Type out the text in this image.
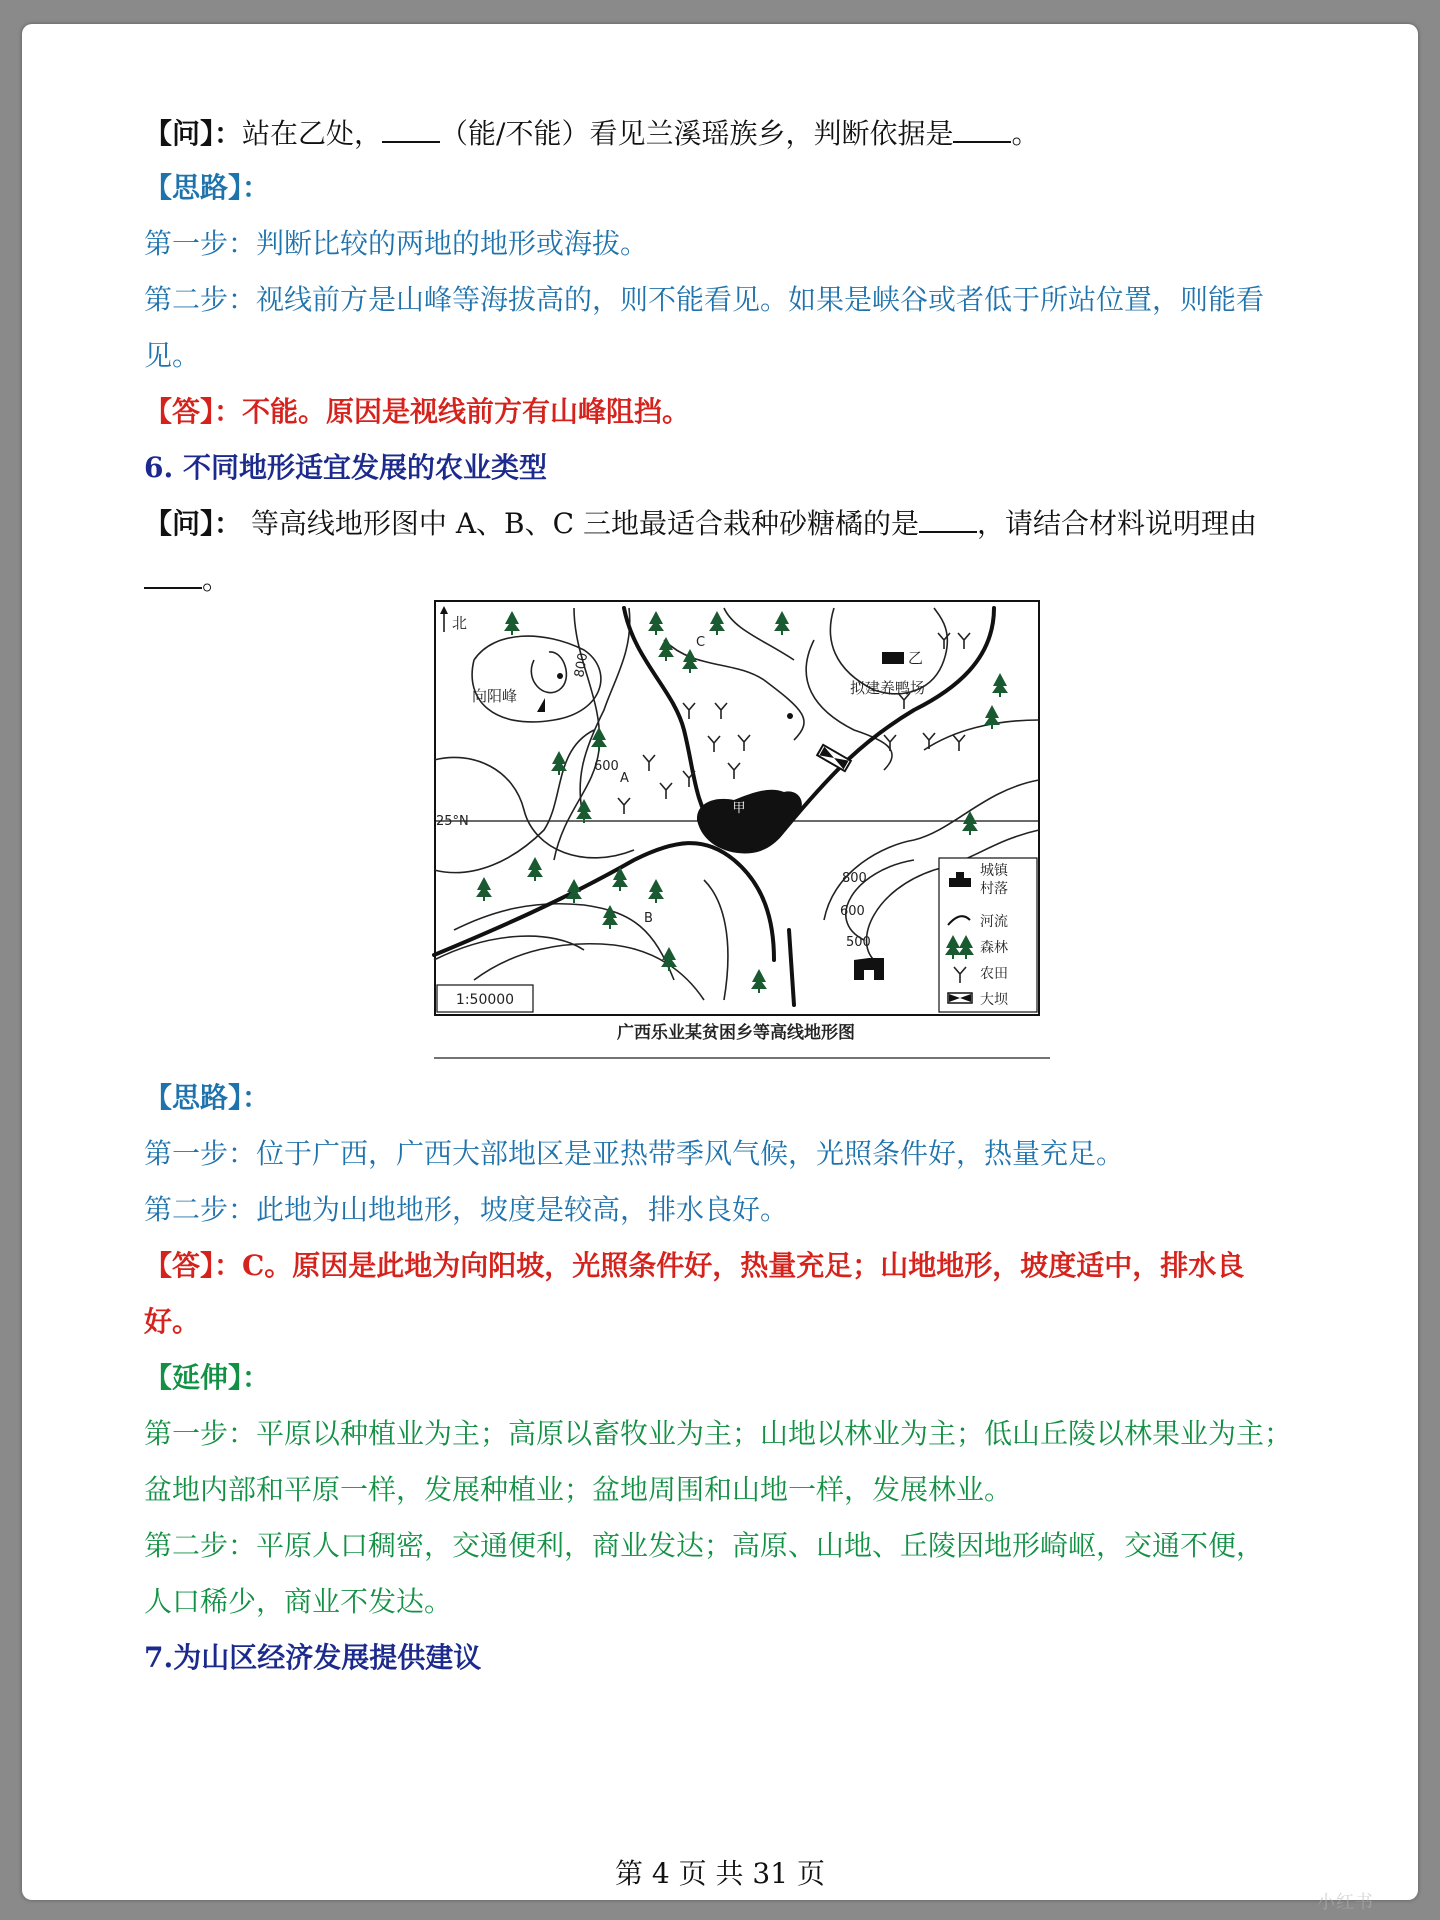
【问】：站在乙处， （能/不能）看见兰溪瑶族乡，判断依据是 。
【思路】：
第一步：判断比较的两地的地形或海拔。
第二步：视线前方是山峰等海拔高的，则不能看见。如果是峡谷或者低于所站位置，则能看
见。
【答】：不能。原因是视线前方有山峰阻挡。
6. 不同地形适宜发展的农业类型
【问】： 等高线地形图中 A、B、C 三地最适合栽种砂糖橘的是 ，请结合材料说明理由
。
【思路】：
第一步：位于广西，广西大部地区是亚热带季风气候，光照条件好，热量充足。
第二步：此地为山地地形，坡度是较高，排水良好。
【答】：C。原因是此地为向阳坡，光照条件好，热量充足；山地地形，坡度适中，排水良
好。
【延伸】：
第一步：平原以种植业为主；高原以畜牧业为主；山地以林业为主；低山丘陵以林果业为主；
盆地内部和平原一样，发展种植业；盆地周围和山地一样，发展林业。
第二步：平原人口稠密，交通便利，商业发达；高原、山地、丘陵因地形崎岖，交通不便，
人口稀少，商业不发达。
7.为山区经济发展提供建议
甲
乙
北
向阳峰	拟建养鸭场
C
A
B
25°N
800
600
800
600
500
1:50000
城镇
村落
河流
森林
农田
大坝
广西乐业某贫困乡等高线地形图
第 4 页 共 31 页
小红书
